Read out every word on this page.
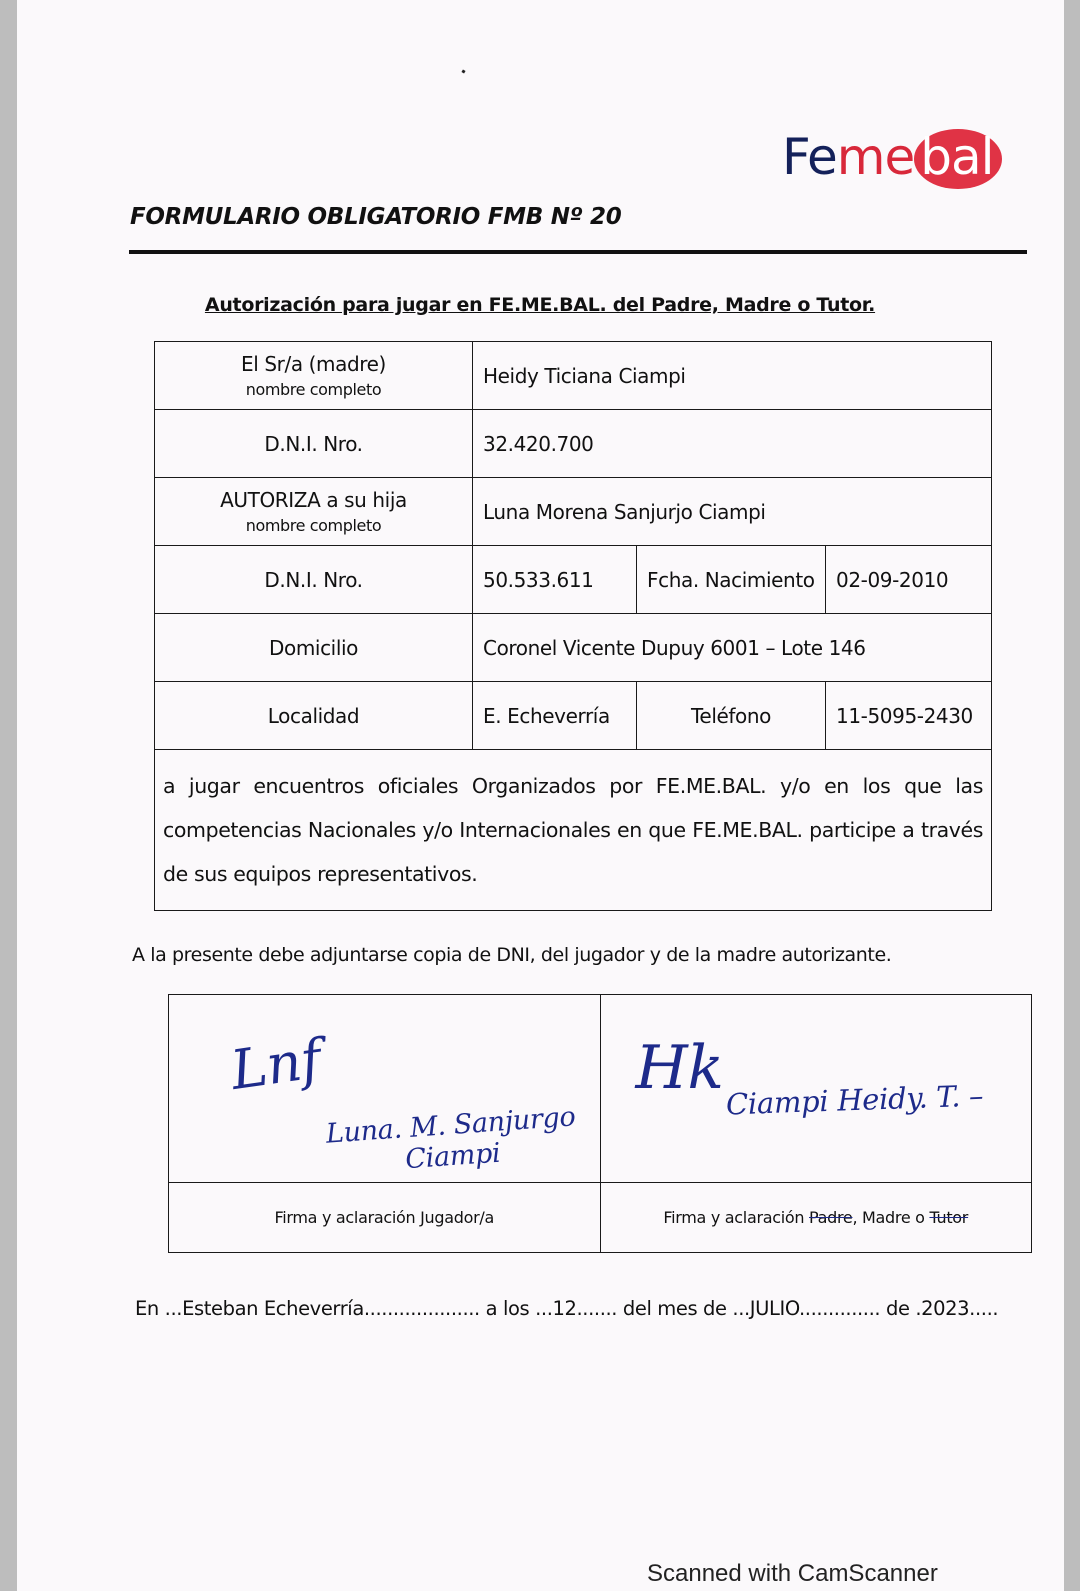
Feme bal
FORMULARIO OBLIGATORIO FMB Nº 20
Autorización para jugar en FE.ME.BAL. del Padre, Madre o Tutor.
El Sr/a (madre)
nombre completo	Heidy Ticiana Ciampi		
D.N.I. Nro.	32.420.700		

AUTORIZA a su hija
nombre completo	Luna Morena Sanjurjo Ciampi		
D.N.I. Nro.	50.533.611	Fcha. Nacimiento	02-09-2010
Domicilio	Coronel Vicente Dupuy 6001 – Lote 146		
Localidad	E. Echeverría	Teléfono	11-5095-2430
a jugar encuentros oficiales Organizados por FE.ME.BAL. y/o en los que las competencias Nacionales y/o Internacionales en que FE.ME.BAL. participe a través de sus equipos representativos.			
A la presente debe adjuntarse copia de DNI, del jugador y de la madre autorizante.
Lnf
Luna. M. Sanjurgo Ciampi	Hk Ciampi Heidy. T. –

Firma y aclaración Jugador/a	Firma y aclaración Padre, Madre o Tutor
En ...Esteban Echeverría.................... a los ...12....... del mes de ...JULIO.............. de .2023.....
Scanned with CamScanner
